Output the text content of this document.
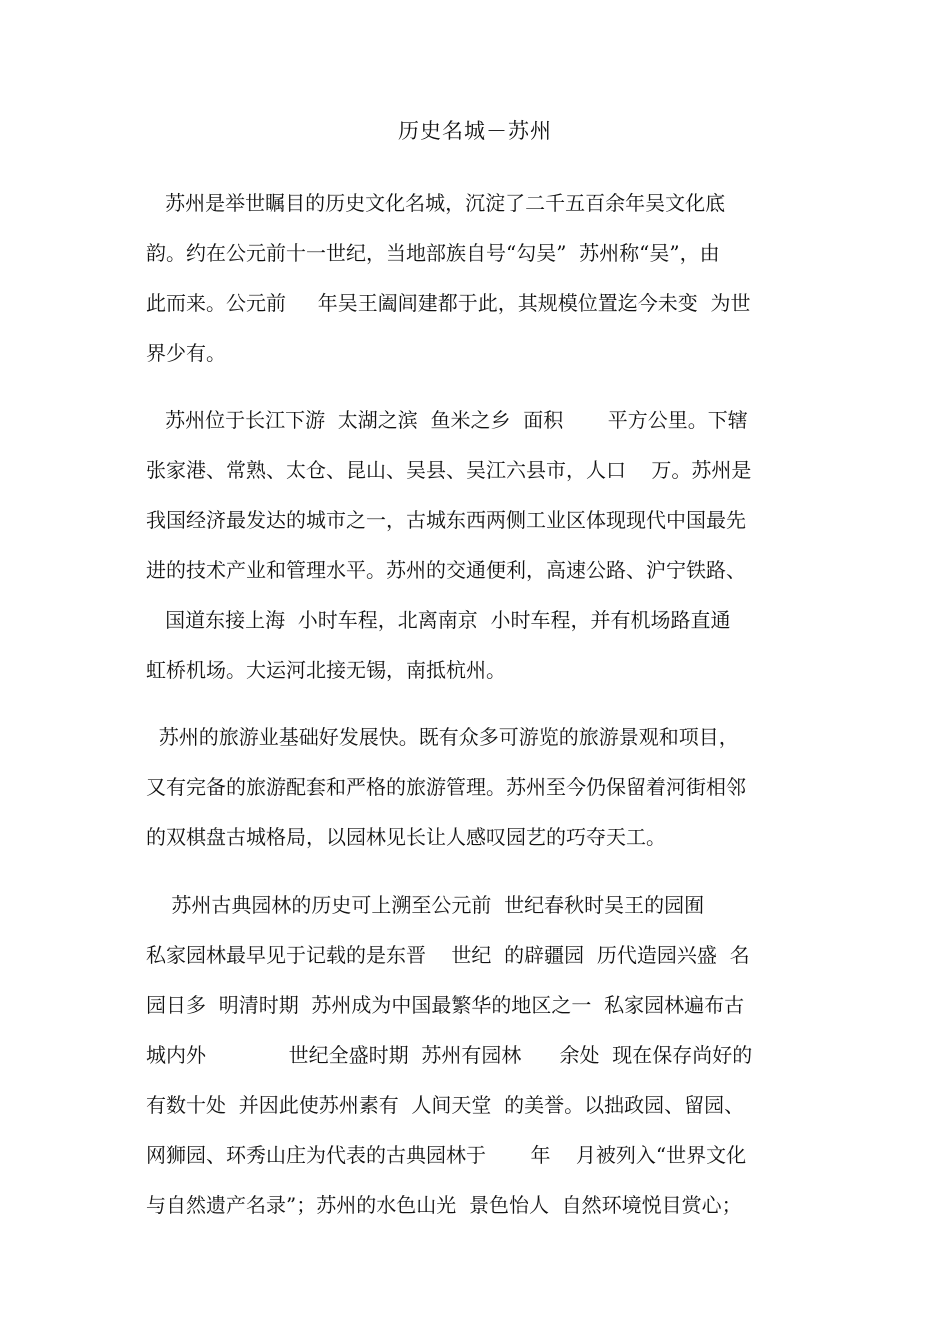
历史名城－苏州
苏州是举世瞩目的历史文化名城，沉淀了二千五百余年吴文化底
韵。约在公元前十一世纪，当地部族自号“勾吴”  苏州称“吴”，由
此而来。公元前     年吴王阖闾建都于此，其规模位置迄今未变  为世
界少有。
苏州位于长江下游  太湖之滨  鱼米之乡  面积       平方公里。下辖
张家港、常熟、太仓、昆山、吴县、吴江六县市，人口    万。苏州是
我国经济最发达的城市之一，古城东西两侧工业区体现现代中国最先
进的技术产业和管理水平。苏州的交通便利，高速公路、沪宁铁路、
国道东接上海  小时车程，北离南京  小时车程，并有机场路直通
虹桥机场。大运河北接无锡，南抵杭州。
苏州的旅游业基础好发展快。既有众多可游览的旅游景观和项目，
又有完备的旅游配套和严格的旅游管理。苏州至今仍保留着河街相邻
的双棋盘古城格局，以园林见长让人感叹园艺的巧夺天工。
苏州古典园林的历史可上溯至公元前  世纪春秋时吴王的园囿
私家园林最早见于记载的是东晋    世纪  的辟疆园  历代造园兴盛  名
园日多  明清时期  苏州成为中国最繁华的地区之一  私家园林遍布古
城内外             世纪全盛时期  苏州有园林      余处  现在保存尚好的
有数十处  并因此使苏州素有  人间天堂  的美誉。以拙政园、留园、
网狮园、环秀山庄为代表的古典园林于       年    月被列入“世界文化
与自然遗产名录”；苏州的水色山光  景色怡人  自然环境悦目赏心；
